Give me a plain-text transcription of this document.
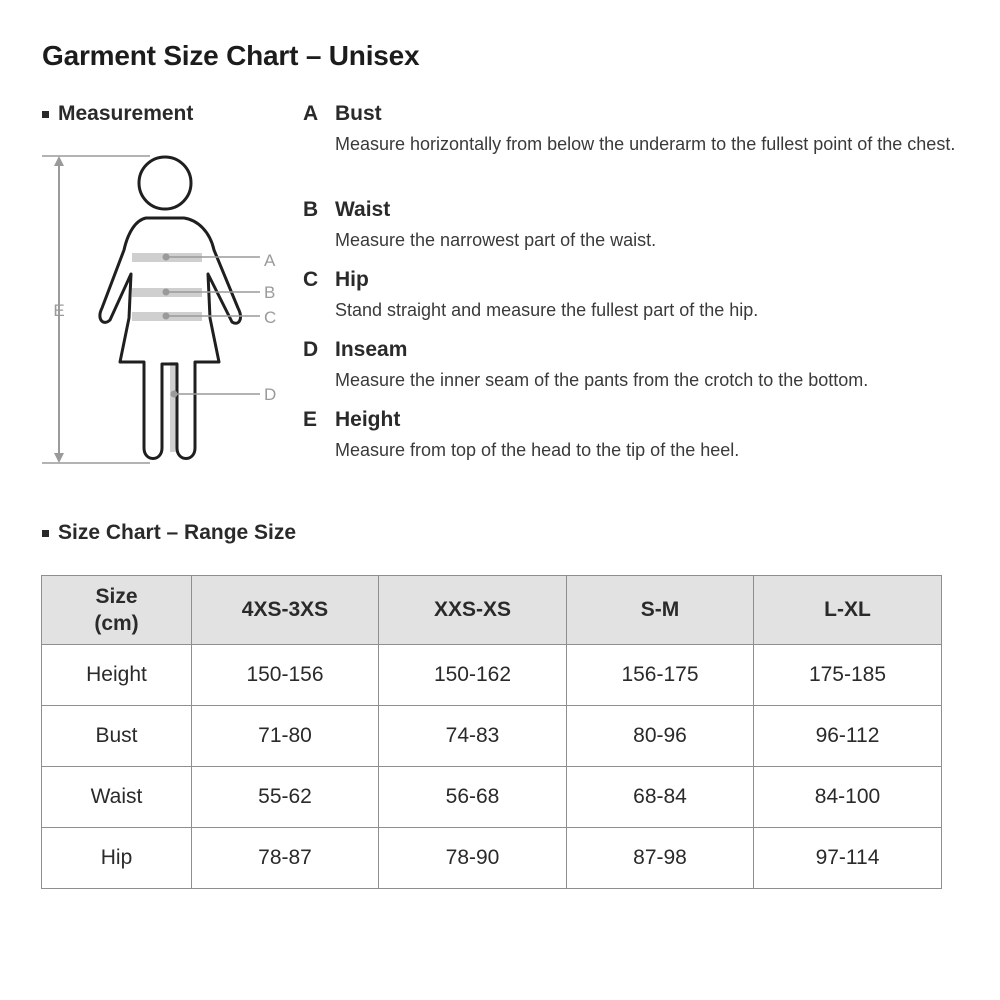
Garment Size Chart – Unisex
Measurement
E
A
B
C
D
A Bust
Measure horizontally from below the underarm to the fullest point of the chest.
B Waist
Measure the narrowest part of the waist.
C Hip
Stand straight and measure the fullest part of the hip.
D Inseam
Measure the inner seam of the pants from the crotch to the bottom.
E Height
Measure from top of the head to the tip of the heel.
Size Chart – Range Size
Size
(cm)	4XS-3XS	XXS-XS	S-M	L-XL
Height	150-156	150-162	156-175	175-185
Bust	71-80	74-83	80-96	96-112
Waist	55-62	56-68	68-84	84-100
Hip	78-87	78-90	87-98	97-114
